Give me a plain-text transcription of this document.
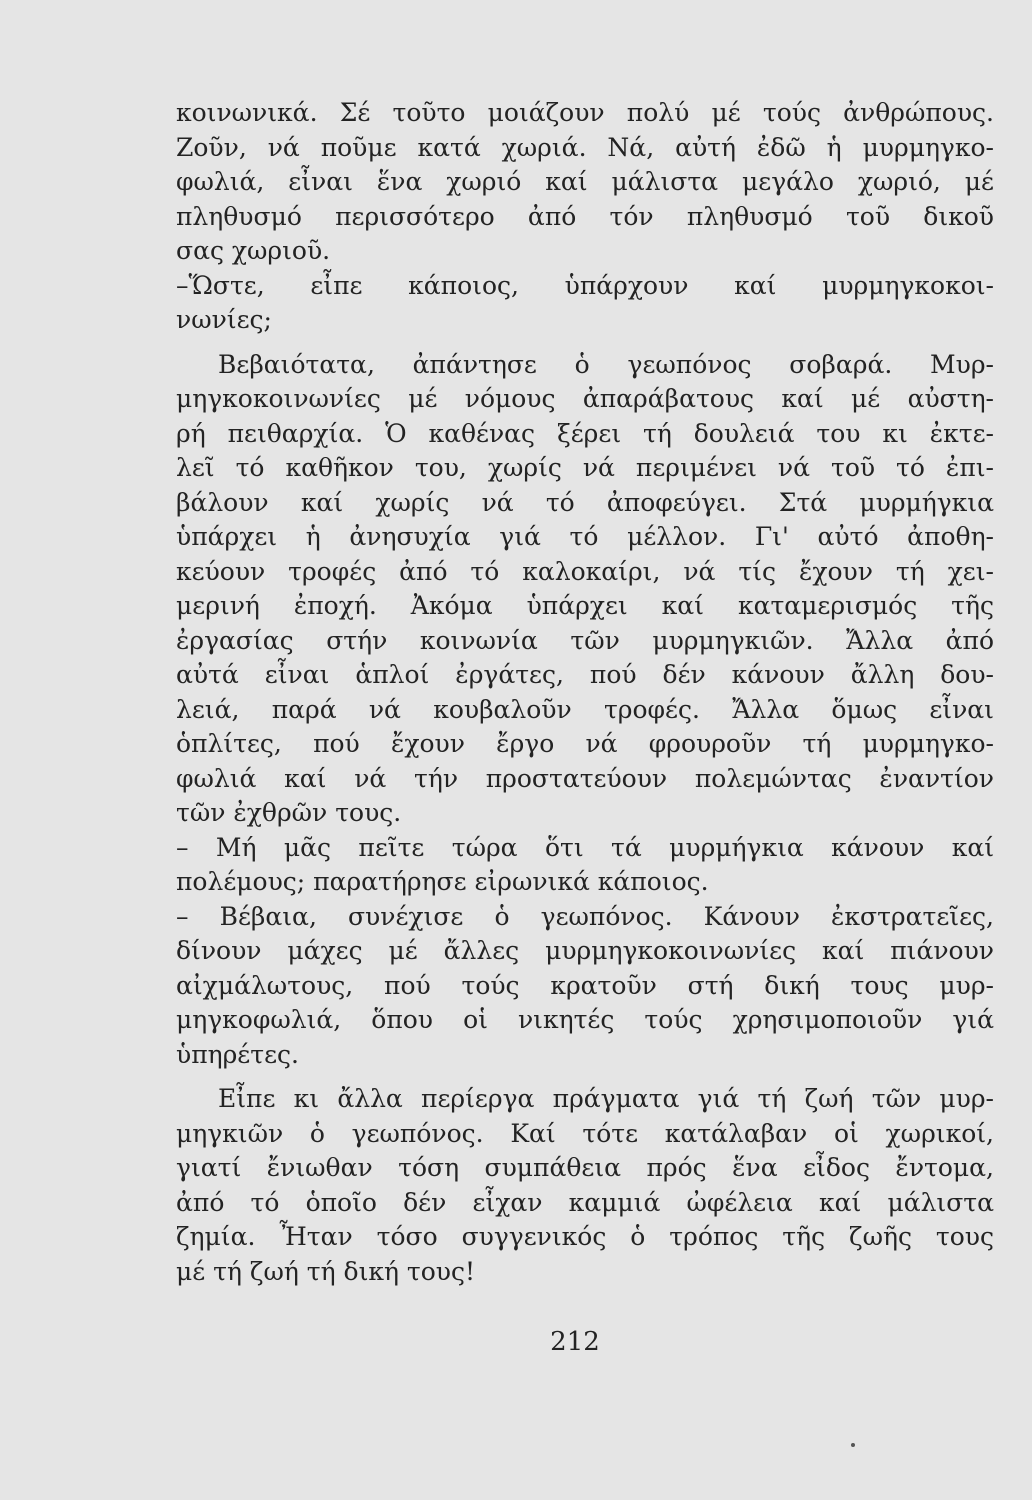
κοινωνικά. Σέ τοῦτο μοιάζουν πολύ μέ τούς ἀνθρώπους.
Ζοῦν, νά ποῦμε κατά χωριά. Νά, αὐτή ἐδῶ ἡ μυρμηγκο-
φωλιά, εἶναι ἕνα χωριό καί μάλιστα μεγάλο χωριό, μέ
πληθυσμό περισσότερο ἀπό τόν πληθυσμό τοῦ δικοῦ
σας χωριοῦ.
–Ὥστε, εἶπε κάποιος, ὑπάρχουν καί μυρμηγκοκοι-
νωνίες;
Βεβαιότατα, ἀπάντησε ὁ γεωπόνος σοβαρά. Μυρ-
μηγκοκοινωνίες μέ νόμους ἀπαράβατους καί μέ αὐστη-
ρή πειθαρχία. Ὁ καθένας ξέρει τή δουλειά του κι ἐκτε-
λεῖ τό καθῆκον του, χωρίς νά περιμένει νά τοῦ τό ἐπι-
βάλουν καί χωρίς νά τό ἀποφεύγει. Στά μυρμήγκια
ὑπάρχει ἡ ἀνησυχία γιά τό μέλλον. Γι' αὐτό ἀποθη-
κεύουν τροφές ἀπό τό καλοκαίρι, νά τίς ἔχουν τή χει-
μερινή ἐποχή. Ἀκόμα ὑπάρχει καί καταμερισμός τῆς
ἐργασίας στήν κοινωνία τῶν μυρμηγκιῶν. Ἄλλα ἀπό
αὐτά εἶναι ἁπλοί ἐργάτες, πού δέν κάνουν ἄλλη δου-
λειά, παρά νά κουβαλοῦν τροφές. Ἄλλα ὅμως εἶναι
ὁπλίτες, πού ἔχουν ἔργο νά φρουροῦν τή μυρμηγκο-
φωλιά καί νά τήν προστατεύουν πολεμώντας ἐναντίον
τῶν ἐχθρῶν τους.
– Μή μᾶς πεῖτε τώρα ὅτι τά μυρμήγκια κάνουν καί
πολέμους; παρατήρησε εἰρωνικά κάποιος.
– Βέβαια, συνέχισε ὁ γεωπόνος. Κάνουν ἐκστρατεῖες,
δίνουν μάχες μέ ἄλλες μυρμηγκοκοινωνίες καί πιάνουν
αἰχμάλωτους, πού τούς κρατοῦν στή δική τους μυρ-
μηγκοφωλιά, ὅπου οἱ νικητές τούς χρησιμοποιοῦν γιά
ὑπηρέτες.
Εἶπε κι ἄλλα περίεργα πράγματα γιά τή ζωή τῶν μυρ-
μηγκιῶν ὁ γεωπόνος. Καί τότε κατάλαβαν οἱ χωρικοί,
γιατί ἔνιωθαν τόση συμπάθεια πρός ἕνα εἶδος ἔντομα,
ἀπό τό ὁποῖο δέν εἶχαν καμμιά ὠφέλεια καί μάλιστα
ζημία. Ἦταν τόσο συγγενικός ὁ τρόπος τῆς ζωῆς τους
μέ τή ζωή τή δική τους!
212
